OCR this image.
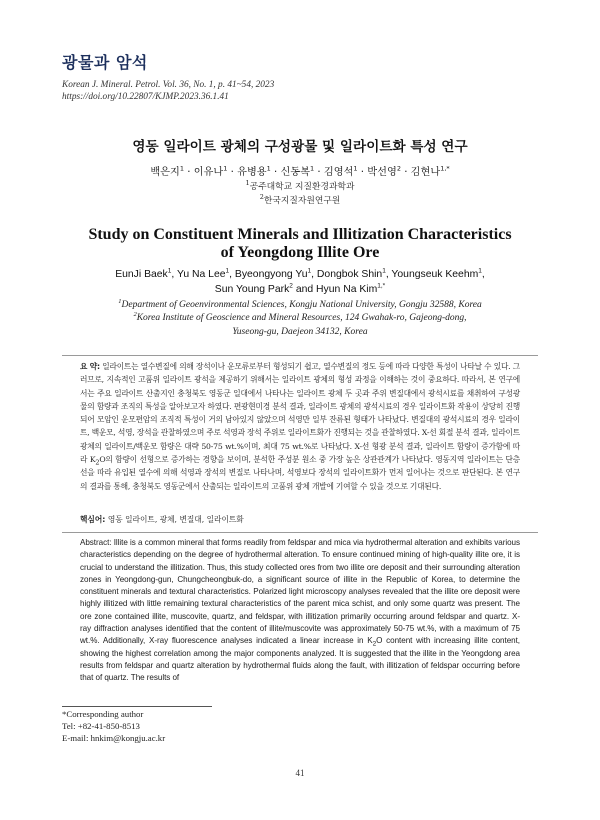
광물과 암석
Korean J. Mineral. Petrol. Vol. 36, No. 1, p. 41~54, 2023
https://doi.org/10.22807/KJMP.2023.36.1.41
영동 일라이트 광체의 구성광물 및 일라이트화 특성 연구
백은지$^1$ · 이유나$^1$ · 유병용$^1$ · 신동복$^1$ · 김영석$^1$ · 박선영$^2$ · 김현나$^{1,*}$
$^1$공주대학교 지질환경과학과
$^2$한국지질자원연구원
Study on Constituent Minerals and Illitization Characteristics
of Yeongdong Illite Ore
EunJi Baek$^1$, Yu Na Lee$^1$, Byeongyong Yu$^1$, Dongbok Shin$^1$, Youngseuk Keehm$^1$,
Sun Young Park$^2$ and Hyun Na Kim$^{1,*}$
$^1$Department of Geoenvironmental Sciences, Kongju National University, Gongju 32588, Korea
$^2$Korea Institute of Geoscience and Mineral Resources, 124 Gwahak-ro, Gajeong-dong,
Yuseong-gu, Daejeon 34132, Korea
요 약: 일라이트는 열수변질에 의해 장석이나 운모류로부터 형성되기 쉽고, 열수변질의 정도 등에 따라 다양한 특성이 나타날 수 있다. 그러므로, 지속적인 고품위 일라이트 광석을 제공하기 위해서는 일라이트 광체의 형성 과정을 이해하는 것이 중요하다. 따라서, 본 연구에서는 주요 일라이트 산출지인 충청북도 영동군 일대에서 나타나는 일라이트 광체 두 곳과 주위 변질대에서 광석시료를 채취하여 구성광물의 함량과 조직의 특성을 알아보고자 하였다. 편광현미경 분석 결과, 일라이트 광체의 광석시료의 경우 일라이트화 작용이 상당히 진행되어 모암인 운모편암의 조직적 특성이 거의 남아있지 않았으며 석영만 일부 잔류된 형태가 나타났다. 변질대의 광석시료의 경우 일라이트, 백운모, 석영, 장석을 관찰하였으며 주로 석영과 장석 주위로 일라이트화가 진행되는 것을 관찰하였다. X-선 회절 분석 결과, 일라이트 광체의 일라이트/백운모 함량은 대략 50-75 wt.%이며, 최대 75 wt.%로 나타났다. X-선 형광 분석 결과, 일라이트 함량이 증가함에 따라 $K_2O$의 함량이 선형으로 증가하는 경향을 보이며, 분석한 주성분 원소 중 가장 높은 상관관계가 나타났다. 영동지역 일라이트는 단층선을 따라 유입된 열수에 의해 석영과 장석의 변질로 나타나며, 석영보다 장석의 일라이트화가 먼저 일어나는 것으로 판단된다. 본 연구의 결과를 통해, 충청북도 영동군에서 산출되는 일라이트의 고품위 광체 개발에 기여할 수 있을 것으로 기대된다.
핵심어: 영동 일라이트, 광체, 변질대, 일라이트화
Abstract: Illite is a common mineral that forms readily from feldspar and mica via hydrothermal alteration and exhibits various characteristics depending on the degree of hydrothermal alteration. To ensure continued mining of high-quality illite ore, it is crucial to understand the illitization. Thus, this study collected ores from two illite ore deposit and their surrounding alteration zones in Yeongdong-gun, Chungcheongbuk-do, a significant source of illite in the Republic of Korea, to determine the constituent minerals and textural characteristics. Polarized light microscopy analyses revealed that the illite ore deposit were highly illitized with little remaining textural characteristics of the parent mica schist, and only some quartz was present. The ore zone contained illite, muscovite, quartz, and feldspar, with illitization primarily occurring around feldspar and quartz. X-ray diffraction analyses identified that the content of illite/muscovite was approximately 50-75 wt.%, with a maximum of 75 wt.%. Additionally, X-ray fluorescence analyses indicated a linear increase in $K_2O$ content with increasing illite content, showing the highest correlation among the major components analyzed. It is suggested that the illite in the Yeongdong area results from feldspar and quartz alteration by hydrothermal fluids along the fault, with illitization of feldspar occurring before that of quartz. The results of
*Corresponding author
Tel: +82-41-850-8513
E-mail: hnkim@kongju.ac.kr
41
